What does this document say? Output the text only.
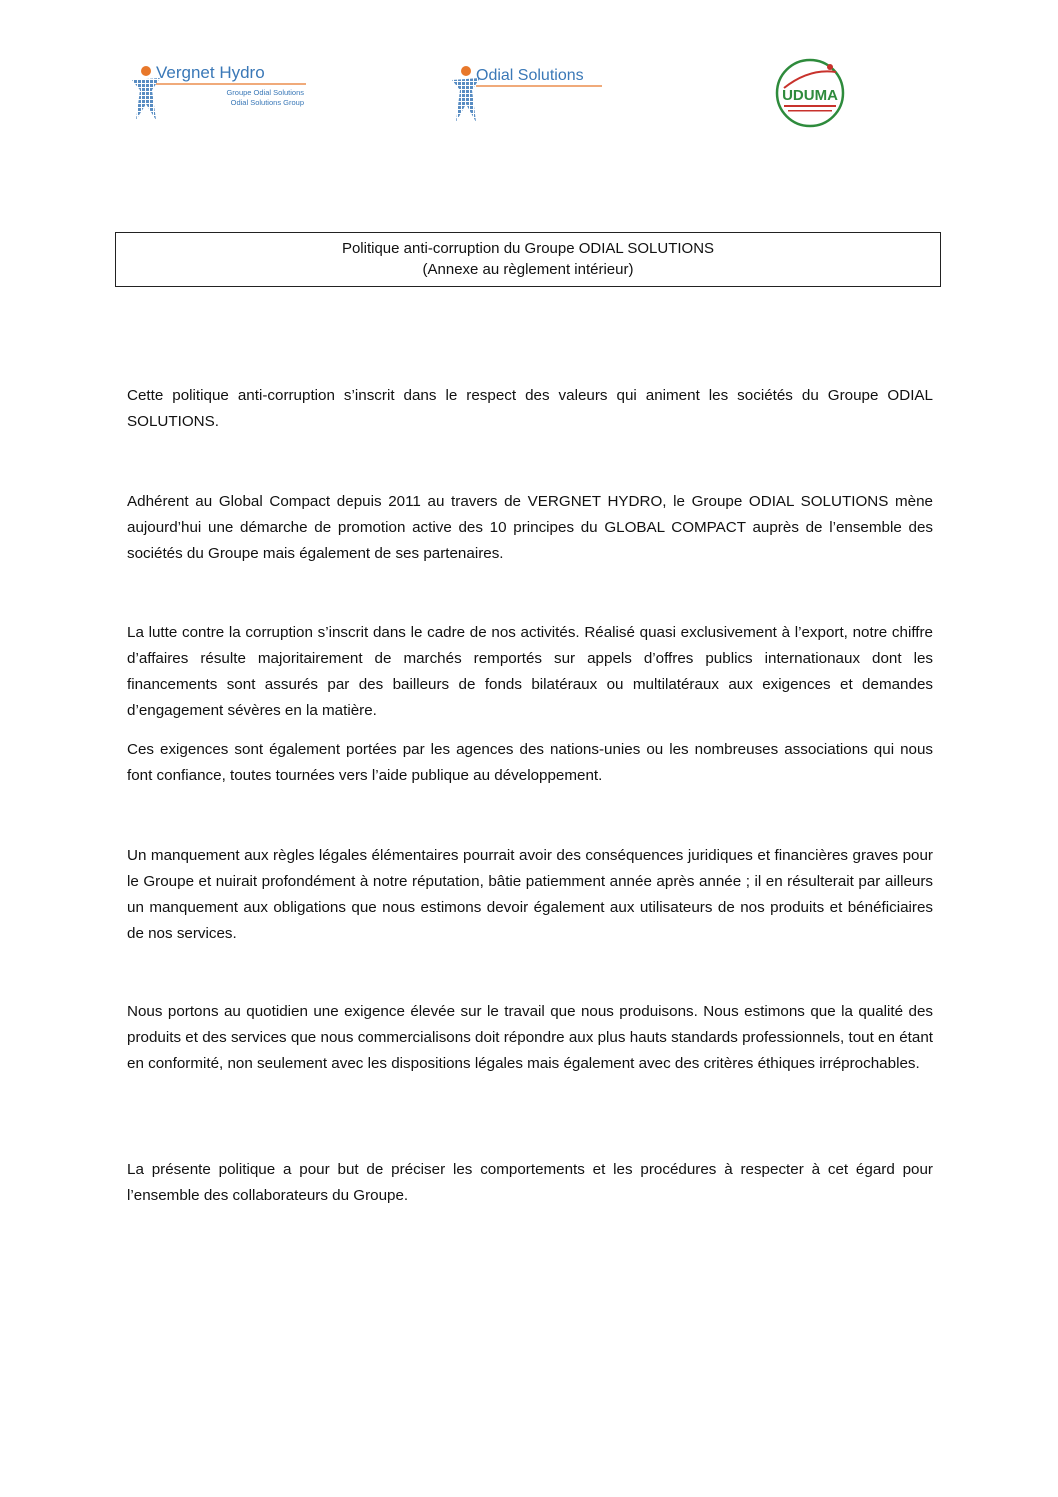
Vergnet Hydro
Groupe Odial Solutions
Odial Solutions Group
Odial Solutions
UDUMA
Politique anti-corruption du Groupe ODIAL SOLUTIONS
(Annexe au règlement intérieur)

Cette politique anti-corruption s’inscrit dans le respect des valeurs qui animent les sociétés du Groupe ODIAL SOLUTIONS.

Adhérent au Global Compact depuis 2011 au travers de VERGNET HYDRO, le Groupe ODIAL SOLUTIONS mène aujourd’hui une démarche de promotion active des 10 principes du GLOBAL COMPACT auprès de l’ensemble des sociétés du Groupe mais également de ses partenaires.

La lutte contre la corruption s’inscrit dans le cadre de nos activités. Réalisé quasi exclusivement à l’export, notre chiffre d’affaires résulte majoritairement de marchés remportés sur appels d’offres publics internationaux dont les financements sont assurés par des bailleurs de fonds bilatéraux ou multilatéraux aux exigences et demandes d’engagement sévères en la matière.

Ces exigences sont également portées par les agences des nations-unies ou les nombreuses associations qui nous font confiance, toutes tournées vers l’aide publique au développement.

Un manquement aux règles légales élémentaires pourrait avoir des conséquences juridiques et financières graves pour le Groupe et nuirait profondément à notre réputation, bâtie patiemment année après année ; il en résulterait par ailleurs un manquement aux obligations que nous estimons devoir également aux utilisateurs de nos produits et bénéficiaires de nos services.

Nous portons au quotidien une exigence élevée sur le travail que nous produisons. Nous estimons que la qualité des produits et des services que nous commercialisons doit répondre aux plus hauts standards professionnels, tout en étant en conformité, non seulement avec les dispositions légales mais également avec des critères éthiques irréprochables.

La présente politique a pour but de préciser les comportements et les procédures à respecter à cet égard pour l’ensemble des collaborateurs du Groupe.
